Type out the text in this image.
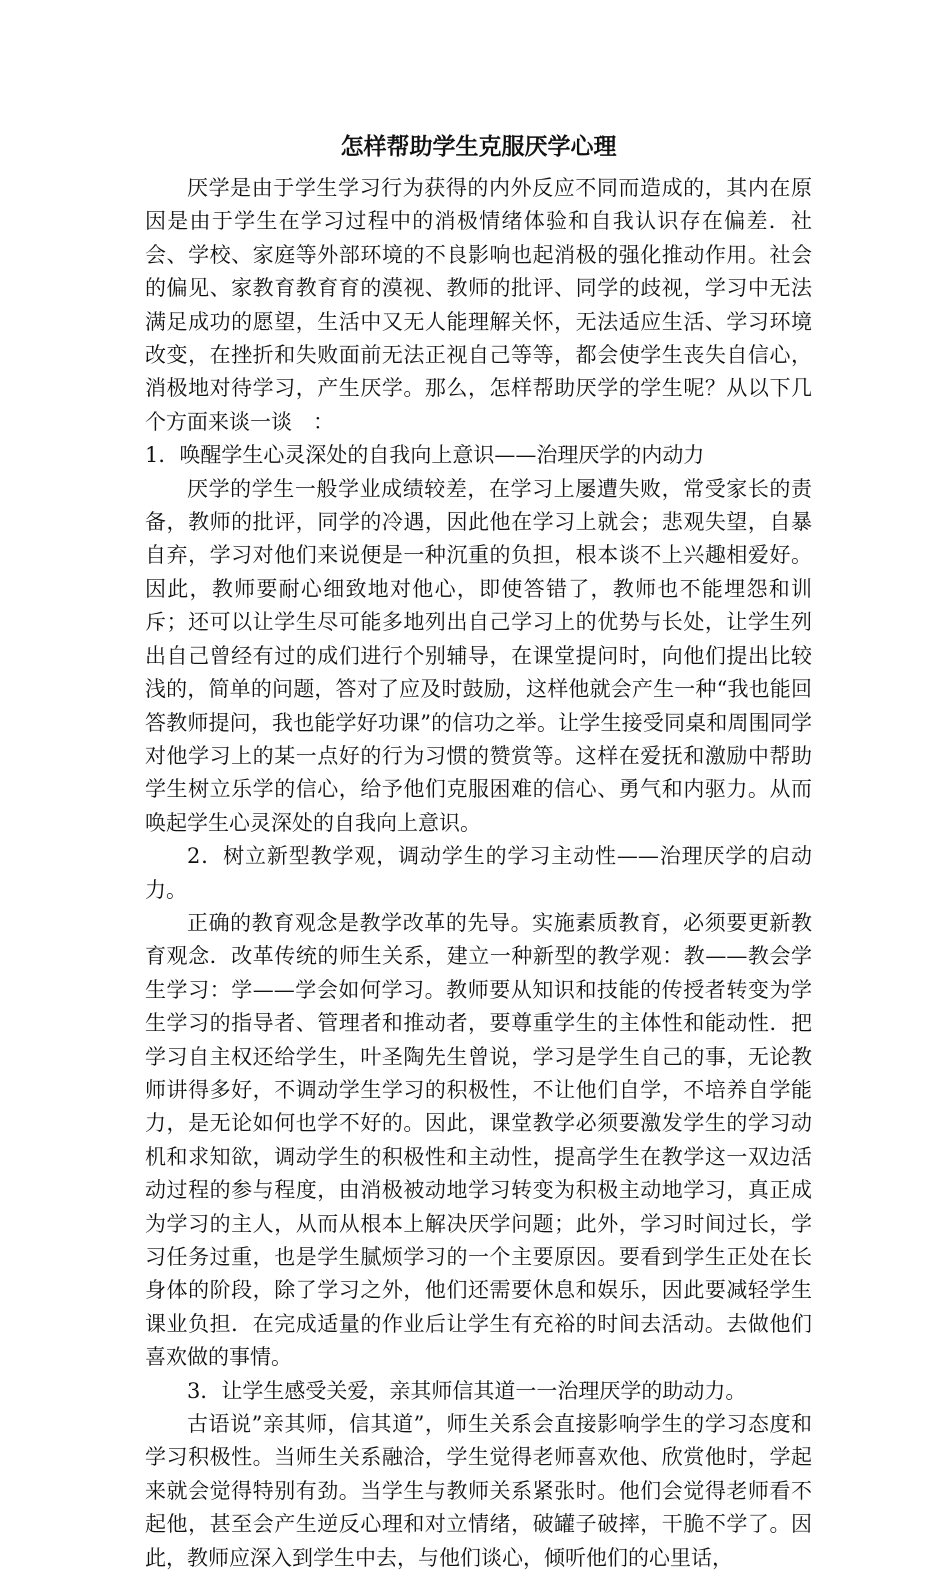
怎样帮助学生克服厌学心理

厌学是由于学生学习行为获得的内外反应不同而造成的，其内在原因是由于学生在学习过程中的消极情绪体验和自我认识存在偏差．社会、学校、家庭等外部环境的不良影响也起消极的强化推动作用。社会的偏见、家教育教育育的漠视、教师的批评、同学的歧视，学习中无法满足成功的愿望，生活中又无人能理解关怀，无法适应生活、学习环境改变，在挫折和失败面前无法正视自己等等，都会使学生丧失自信心，消极地对待学习，产生厌学。那么，怎样帮助厌学的学生呢？从以下几个方面来谈一谈　：

1．唤醒学生心灵深处的自我向上意识——治理厌学的内动力

厌学的学生一般学业成绩较差，在学习上屡遭失败，常受家长的责备，教师的批评，同学的冷遇，因此他在学习上就会；悲观失望，自暴自弃，学习对他们来说便是一种沉重的负担，根本谈不上兴趣相爱好。因此，教师要耐心细致地对他心，即使答错了，教师也不能埋怨和训斥；还可以让学生尽可能多地列出自己学习上的优势与长处，让学生列出自己曾经有过的成们进行个别辅导，在课堂提问时，向他们提出比较浅的，简单的问题，答对了应及时鼓励，这样他就会产生一种“我也能回答教师提问，我也能学好功课”的信功之举。让学生接受同桌和周围同学对他学习上的某一点好的行为习惯的赞赏等。这样在爱抚和激励中帮助学生树立乐学的信心，给予他们克服困难的信心、勇气和内驱力。从而唤起学生心灵深处的自我向上意识。

2．树立新型教学观，调动学生的学习主动性——治理厌学的启动力。

正确的教育观念是教学改革的先导。实施素质教育，必须要更新教育观念．改革传统的师生关系，建立一种新型的教学观：教——教会学生学习：学——学会如何学习。教师要从知识和技能的传授者转变为学生学习的指导者、管理者和推动者，要尊重学生的主体性和能动性．把学习自主权还给学生，叶圣陶先生曾说，学习是学生自己的事，无论教师讲得多好，不调动学生学习的积极性，不让他们自学，不培养自学能力，是无论如何也学不好的。因此，课堂教学必须要激发学生的学习动机和求知欲，调动学生的积极性和主动性，提高学生在教学这一双边活动过程的参与程度，由消极被动地学习转变为积极主动地学习，真正成为学习的主人，从而从根本上解决厌学问题；此外，学习时间过长，学习任务过重，也是学生腻烦学习的一个主要原因。要看到学生正处在长身体的阶段，除了学习之外，他们还需要休息和娱乐，因此要减轻学生课业负担．在完成适量的作业后让学生有充裕的时间去活动。去做他们喜欢做的事情。

3．让学生感受关爱，亲其师信其道一一治理厌学的助动力。

古语说”亲其师，信其道”，师生关系会直接影响学生的学习态度和学习积极性。当师生关系融洽，学生觉得老师喜欢他、欣赏他时，学起来就会觉得特别有劲。当学生与教师关系紧张时。他们会觉得老师看不起他，甚至会产生逆反心理和对立情绪，破罐子破摔，干脆不学了。因此，教师应深入到学生中去，与他们谈心，倾听他们的心里话，
